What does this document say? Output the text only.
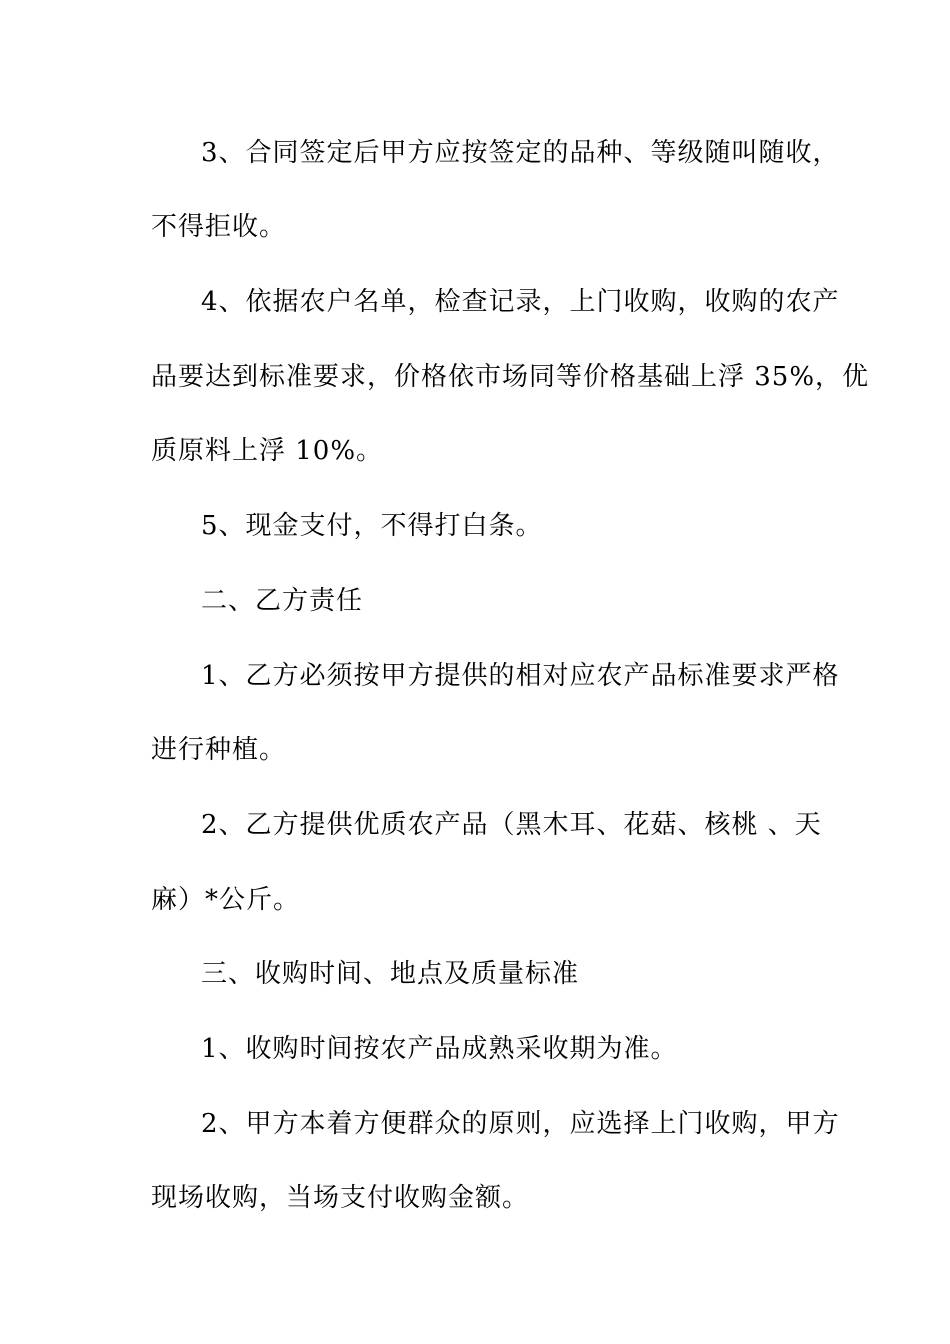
3、合同签定后甲方应按签定的品种、等级随叫随收，
不得拒收。
4、依据农户名单，检查记录，上门收购，收购的农产
品要达到标准要求，价格依市场同等价格基础上浮 35%，优
质原料上浮 10%。
5、现金支付，不得打白条。
二、乙方责任
1、乙方必须按甲方提供的相对应农产品标准要求严格
进行种植。
2、乙方提供优质农产品（黑木耳、花菇、核桃 、天
麻）*公斤。
三、收购时间、地点及质量标准
1、收购时间按农产品成熟采收期为准。
2、甲方本着方便群众的原则，应选择上门收购，甲方
现场收购，当场支付收购金额。
